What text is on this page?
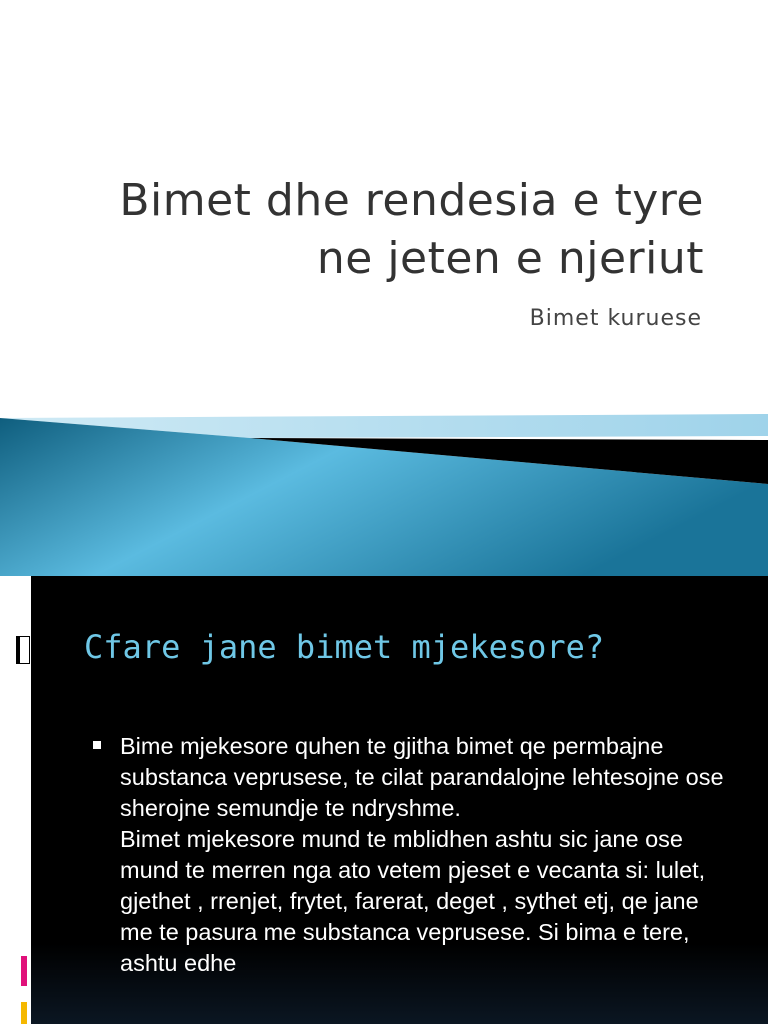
Bimet dhe rendesia e tyre
ne jeten e njeriut
Bimet kuruese
Cfare jane bimet mjekesore?

Bime mjekesore quhen te gjitha bimet qe permbajne substanca veprusese, te cilat parandalojne lehtesojne ose sherojne semundje te ndryshme.

Bimet mjekesore mund te mblidhen ashtu sic jane ose mund te merren nga ato vetem pjeset e vecanta si: lulet, gjethet , rrenjet, frytet, farerat, deget , sythet etj, qe jane me te pasura me substanca veprusese. Si bima e tere, ashtu edhe
